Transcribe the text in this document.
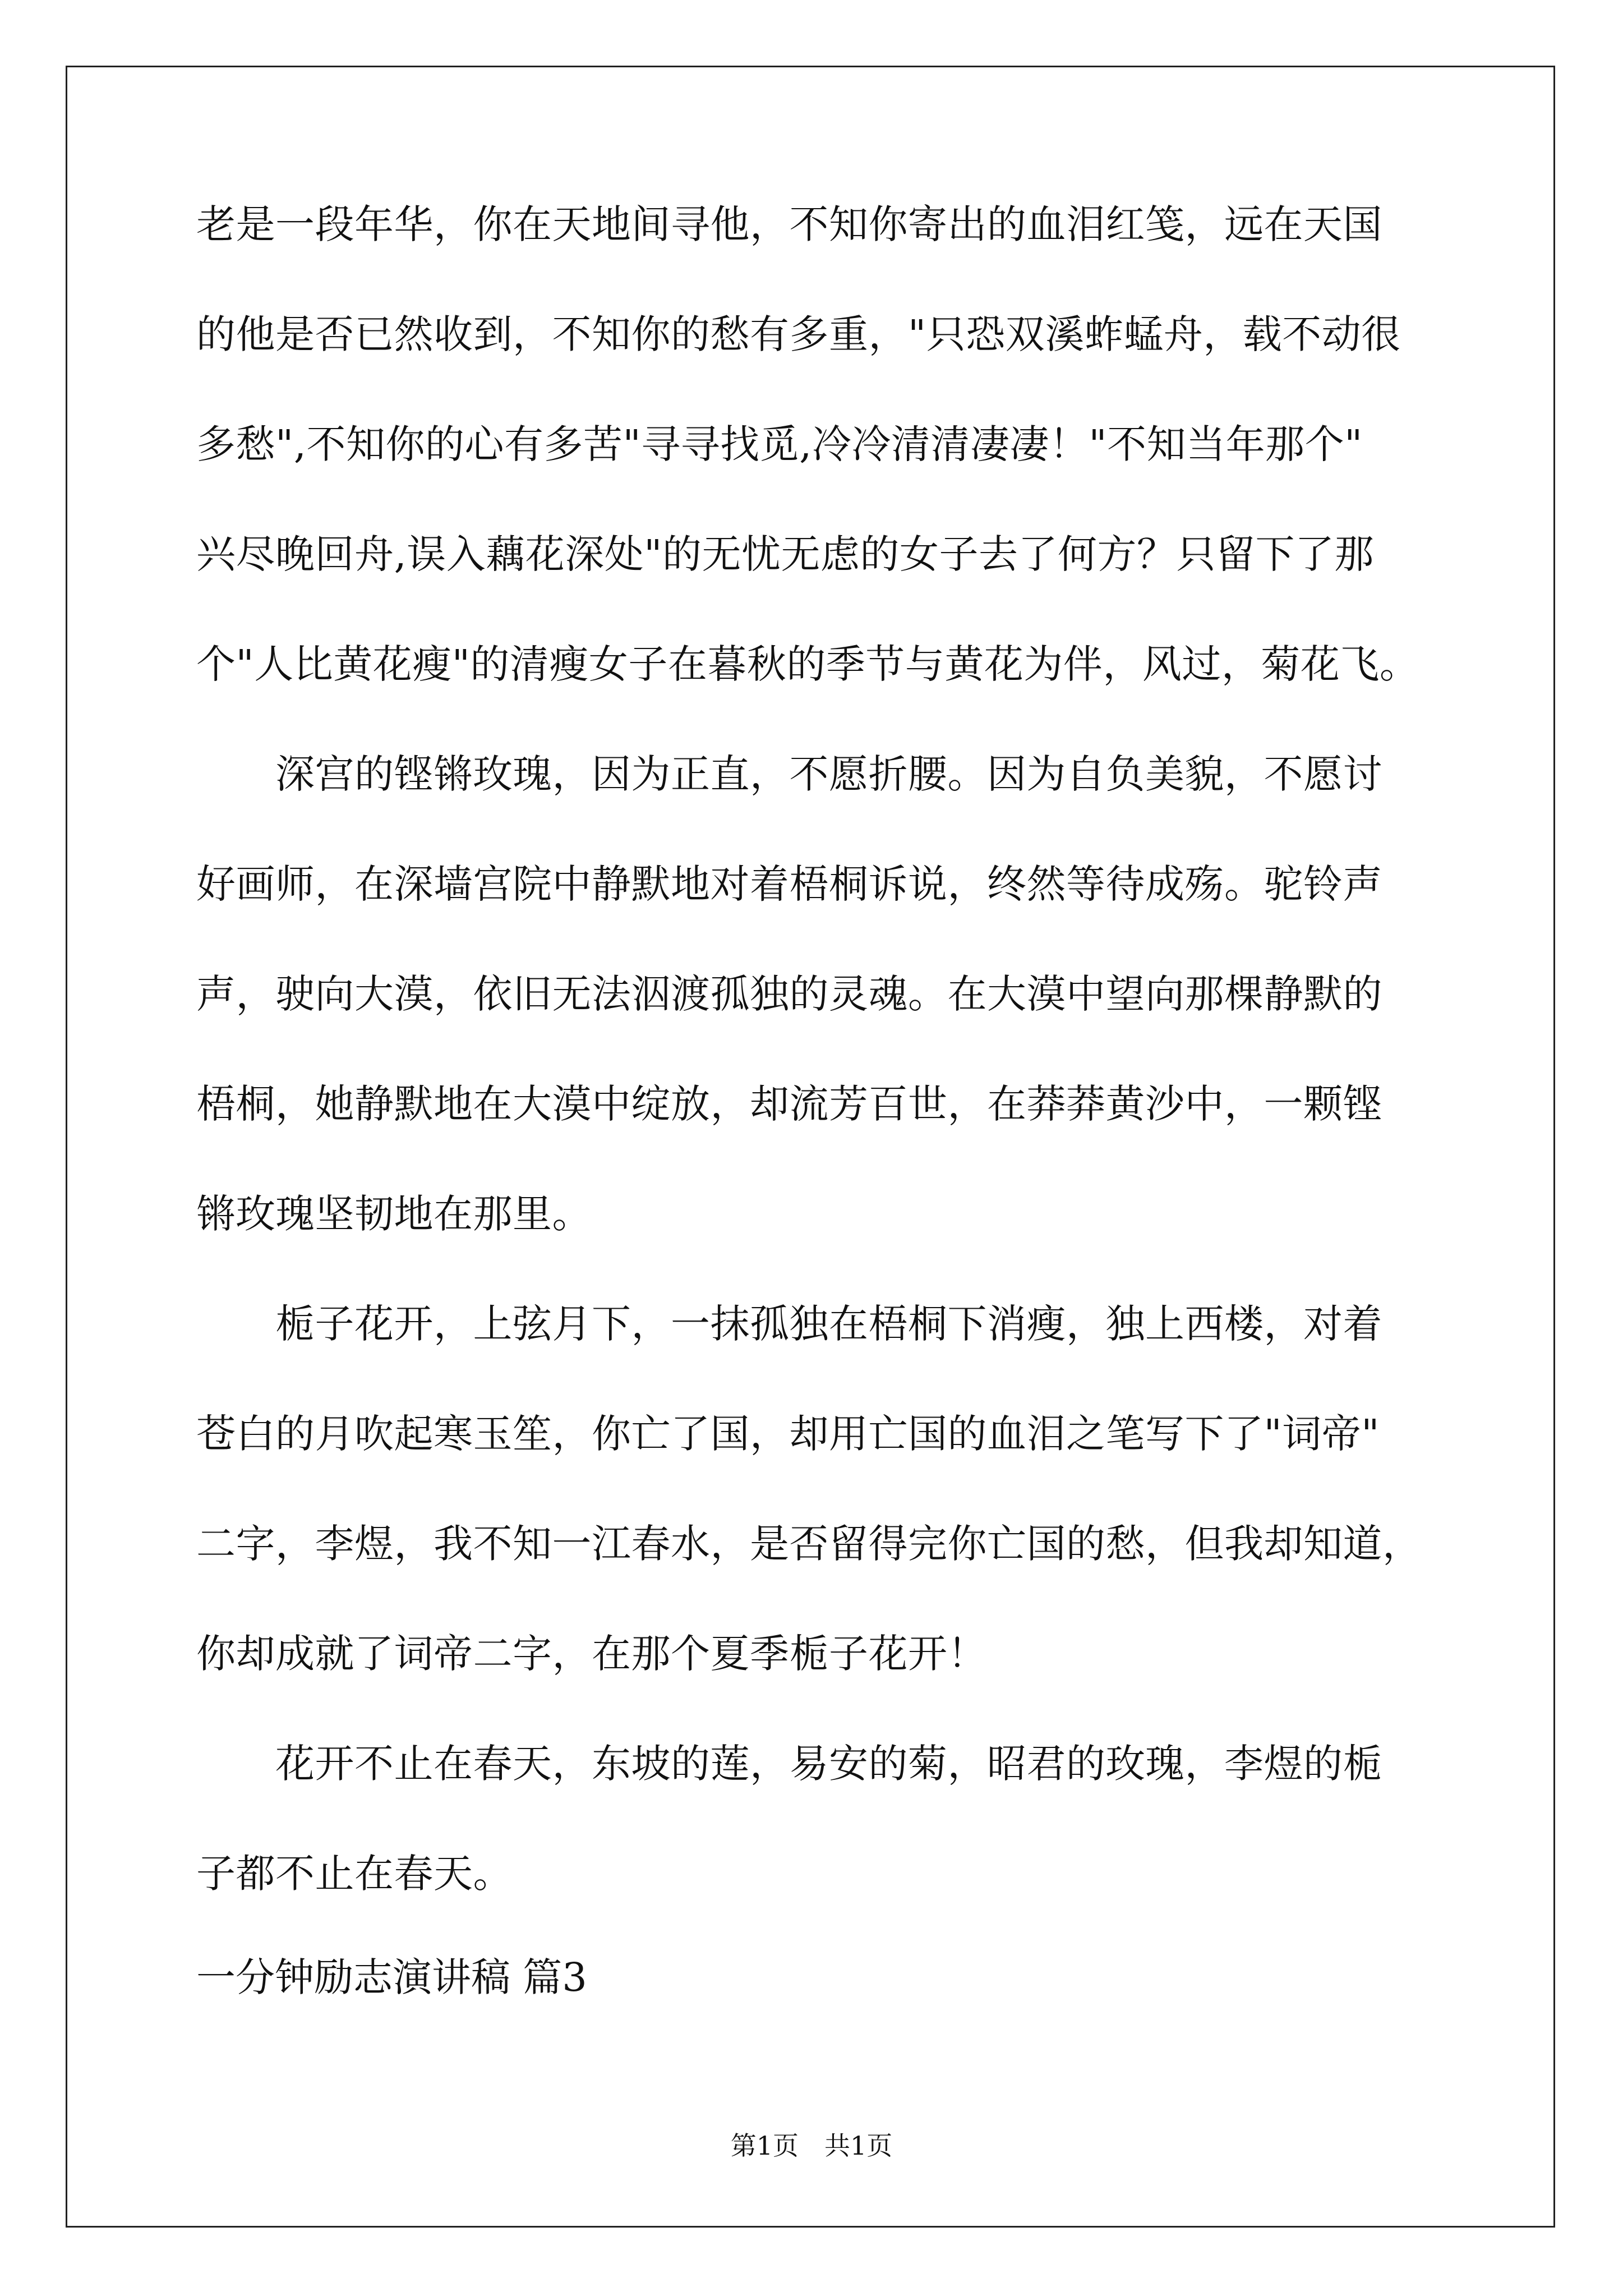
老是一段年华，你在天地间寻他，不知你寄出的血泪红笺，远在天国

的他是否已然收到，不知你的愁有多重，"只恐双溪蚱蜢舟，载不动很

多愁",不知你的心有多苦"寻寻找觅,冷冷清清凄凄！"不知当年那个"

兴尽晚回舟,误入藕花深处"的无忧无虑的女子去了何方？只留下了那

个"人比黄花瘦"的清瘦女子在暮秋的季节与黄花为伴，风过，菊花飞。

　　深宫的铿锵玫瑰，因为正直，不愿折腰。因为自负美貌，不愿讨

好画师，在深墙宫院中静默地对着梧桐诉说，终然等待成殇。驼铃声

声，驶向大漠，依旧无法泅渡孤独的灵魂。在大漠中望向那棵静默的

梧桐，她静默地在大漠中绽放，却流芳百世，在莽莽黄沙中，一颗铿

锵玫瑰坚韧地在那里。

　　栀子花开，上弦月下，一抹孤独在梧桐下消瘦，独上西楼，对着

苍白的月吹起寒玉笙，你亡了国，却用亡国的血泪之笔写下了"词帝"

二字，李煜，我不知一江春水，是否留得完你亡国的愁，但我却知道，

你却成就了词帝二字，在那个夏季栀子花开！

　　花开不止在春天，东坡的莲，易安的菊，昭君的玫瑰，李煜的栀

子都不止在春天。

一分钟励志演讲稿 篇3

第1页　共1页
